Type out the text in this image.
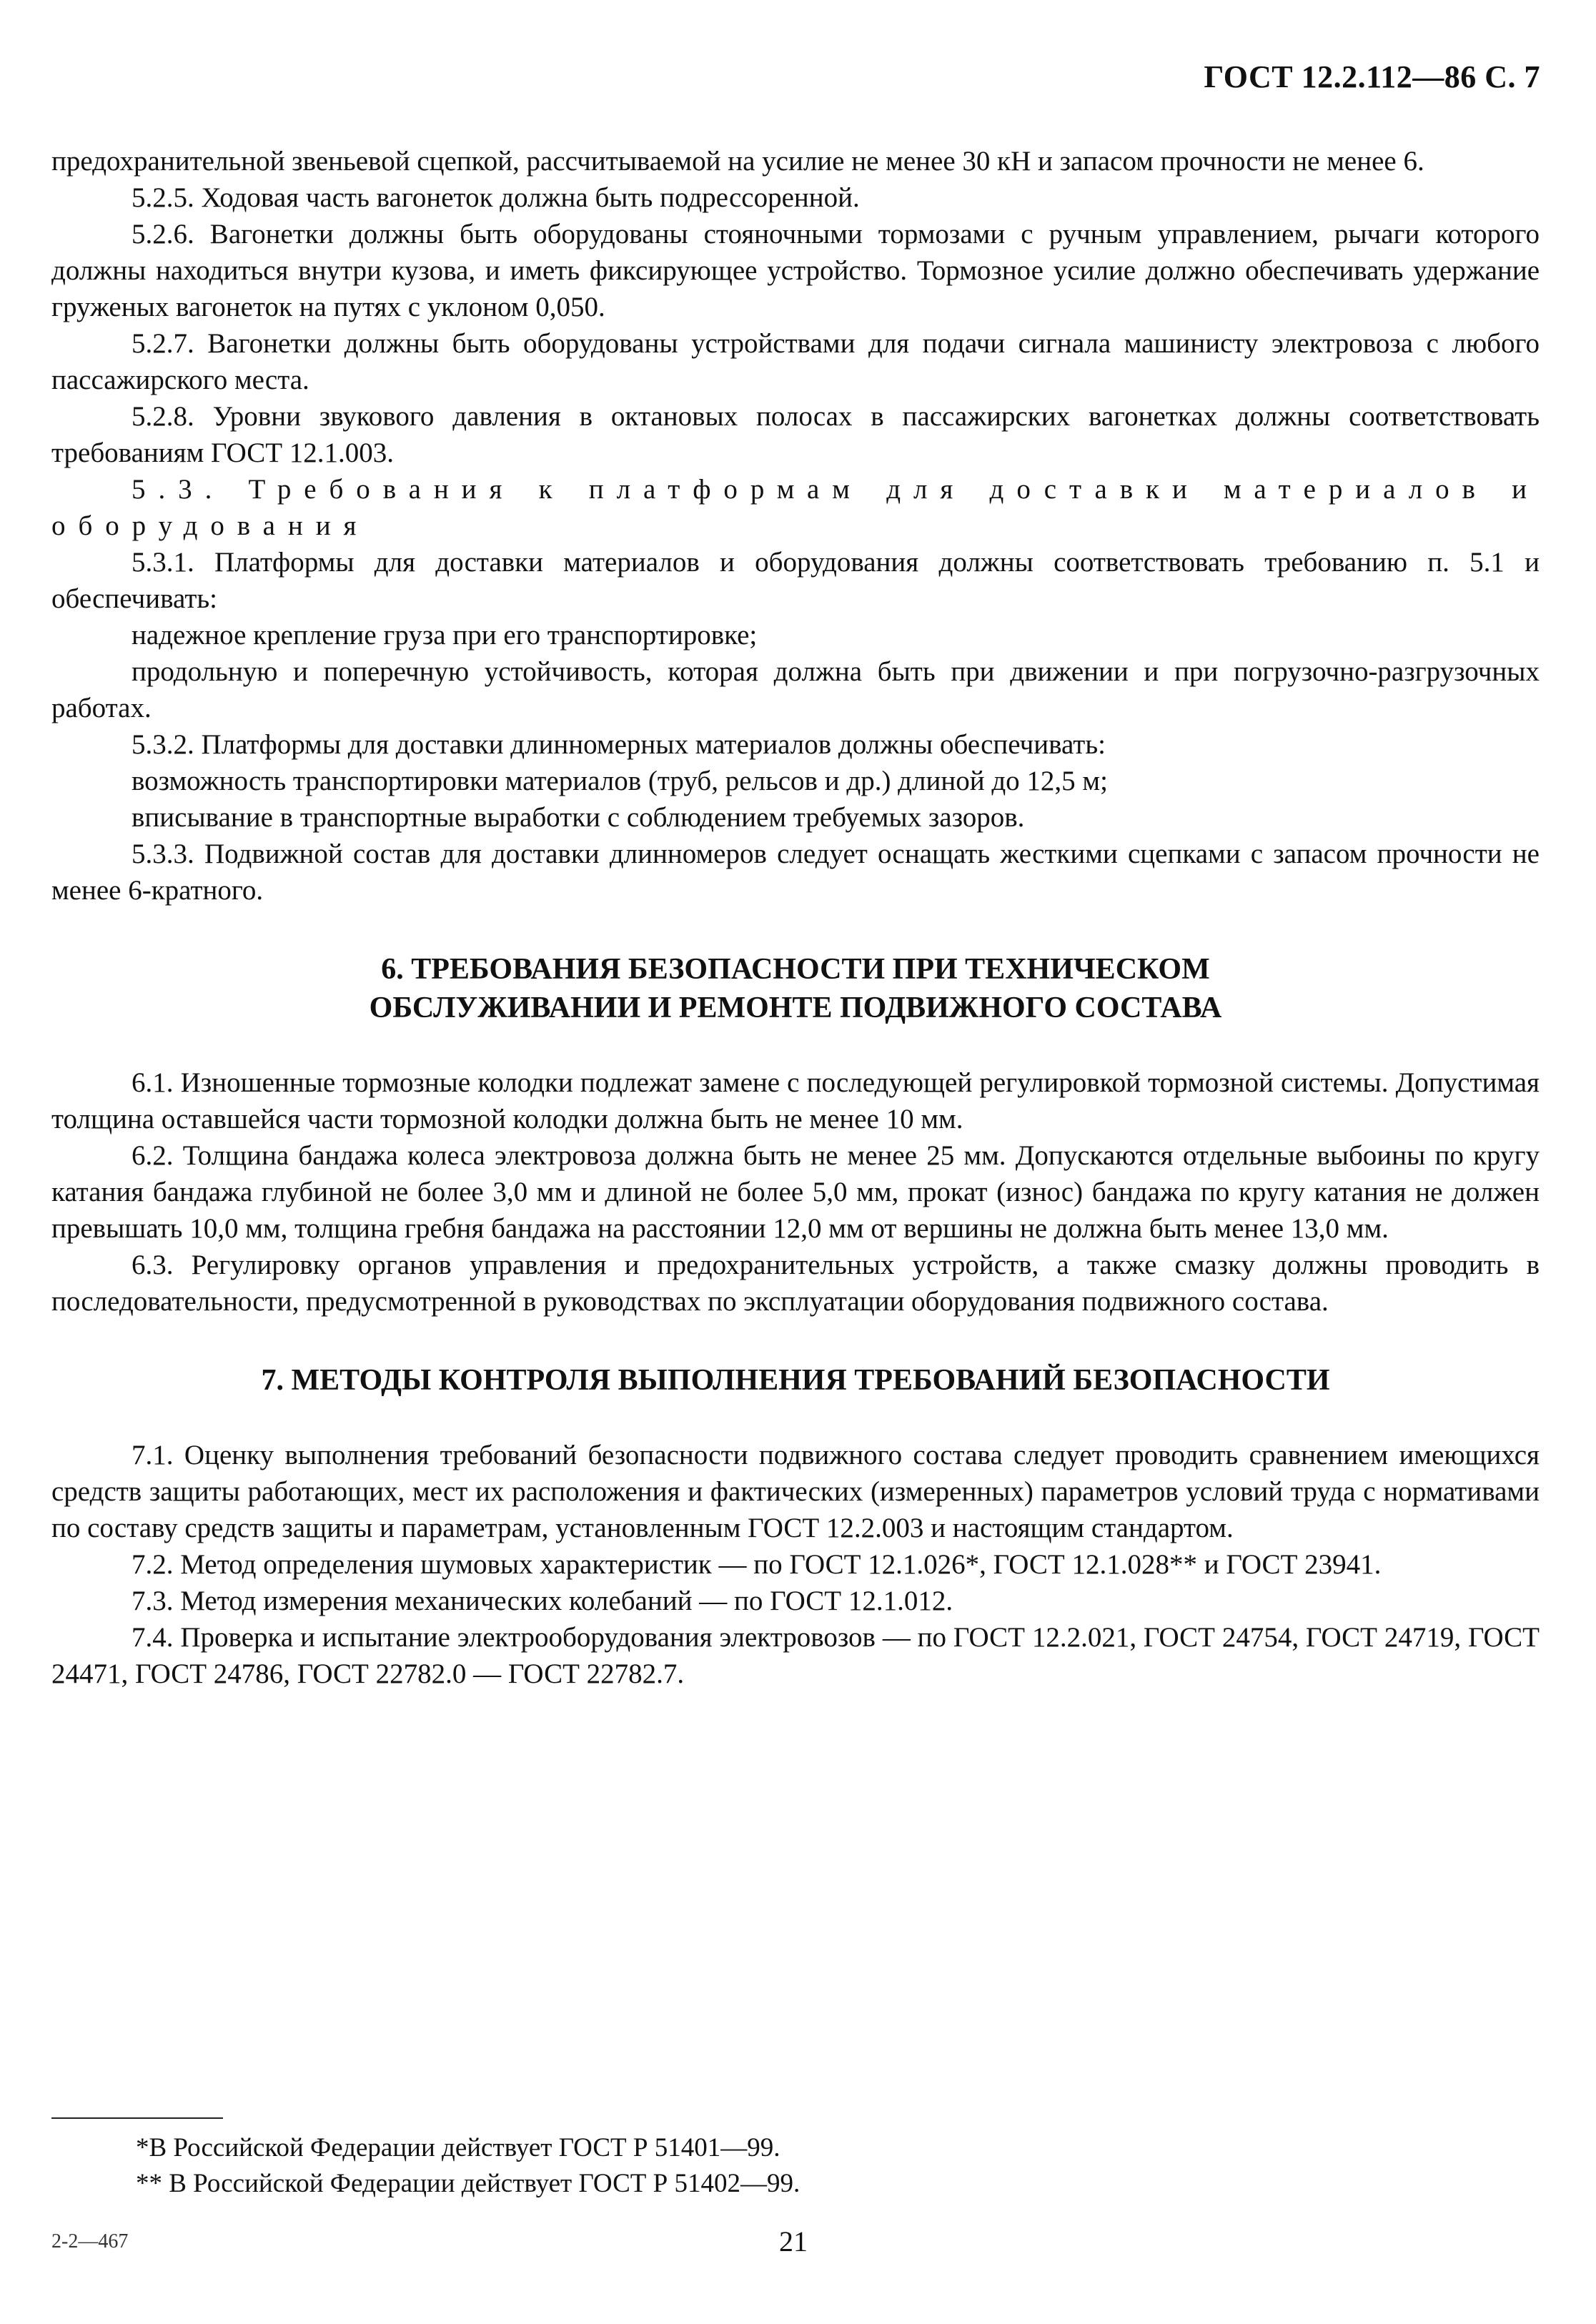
ГОСТ 12.2.112—86 С. 7

предохранительной звеньевой сцепкой, рассчитываемой на усилие не менее 30 кН и запасом прочности не менее 6.

5.2.5. Ходовая часть вагонеток должна быть подрессоренной.

5.2.6. Вагонетки должны быть оборудованы стояночными тормозами с ручным управлением, рычаги которого должны находиться внутри кузова, и иметь фиксирующее устройство. Тормозное усилие должно обеспечивать удержание груженых вагонеток на путях с уклоном 0,050.

5.2.7. Вагонетки должны быть оборудованы устройствами для подачи сигнала машинисту электровоза с любого пассажирского места.

5.2.8. Уровни звукового давления в октановых полосах в пассажирских вагонетках должны соответствовать требованиям ГОСТ 12.1.003.

5.3. Требования к платформам для доставки материалов и оборудования

5.3.1. Платформы для доставки материалов и оборудования должны соответствовать требованию п. 5.1 и обеспечивать:

надежное крепление груза при его транспортировке;

продольную и поперечную устойчивость, которая должна быть при движении и при погрузочно-разгрузочных работах.

5.3.2. Платформы для доставки длинномерных материалов должны обеспечивать:

возможность транспортировки материалов (труб, рельсов и др.) длиной до 12,5 м;

вписывание в транспортные выработки с соблюдением требуемых зазоров.

5.3.3. Подвижной состав для доставки длинномеров следует оснащать жесткими сцепками с запасом прочности не менее 6-кратного.

6. ТРЕБОВАНИЯ БЕЗОПАСНОСТИ ПРИ ТЕХНИЧЕСКОМ
ОБСЛУЖИВАНИИ И РЕМОНТЕ ПОДВИЖНОГО СОСТАВА

6.1. Изношенные тормозные колодки подлежат замене с последующей регулировкой тормозной системы. Допустимая толщина оставшейся части тормозной колодки должна быть не менее 10 мм.

6.2. Толщина бандажа колеса электровоза должна быть не менее 25 мм. Допускаются отдельные выбоины по кругу катания бандажа глубиной не более 3,0 мм и длиной не более 5,0 мм, прокат (износ) бандажа по кругу катания не должен превышать 10,0 мм, толщина гребня бандажа на расстоянии 12,0 мм от вершины не должна быть менее 13,0 мм.

6.3. Регулировку органов управления и предохранительных устройств, а также смазку должны проводить в последовательности, предусмотренной в руководствах по эксплуатации оборудования подвижного состава.

7. МЕТОДЫ КОНТРОЛЯ ВЫПОЛНЕНИЯ ТРЕБОВАНИЙ БЕЗОПАСНОСТИ

7.1. Оценку выполнения требований безопасности подвижного состава следует проводить сравнением имеющихся средств защиты работающих, мест их расположения и фактических (измеренных) параметров условий труда с нормативами по составу средств защиты и параметрам, установленным ГОСТ 12.2.003 и настоящим стандартом.

7.2. Метод определения шумовых характеристик — по ГОСТ 12.1.026*, ГОСТ 12.1.028** и ГОСТ 23941.

7.3. Метод измерения механических колебаний — по ГОСТ 12.1.012.

7.4. Проверка и испытание электрооборудования электровозов — по ГОСТ 12.2.021, ГОСТ 24754, ГОСТ 24719, ГОСТ 24471, ГОСТ 24786, ГОСТ 22782.0 — ГОСТ 22782.7.

*В Российской Федерации действует ГОСТ Р 51401—99.
** В Российской Федерации действует ГОСТ Р 51402—99.
2-2—467	21
